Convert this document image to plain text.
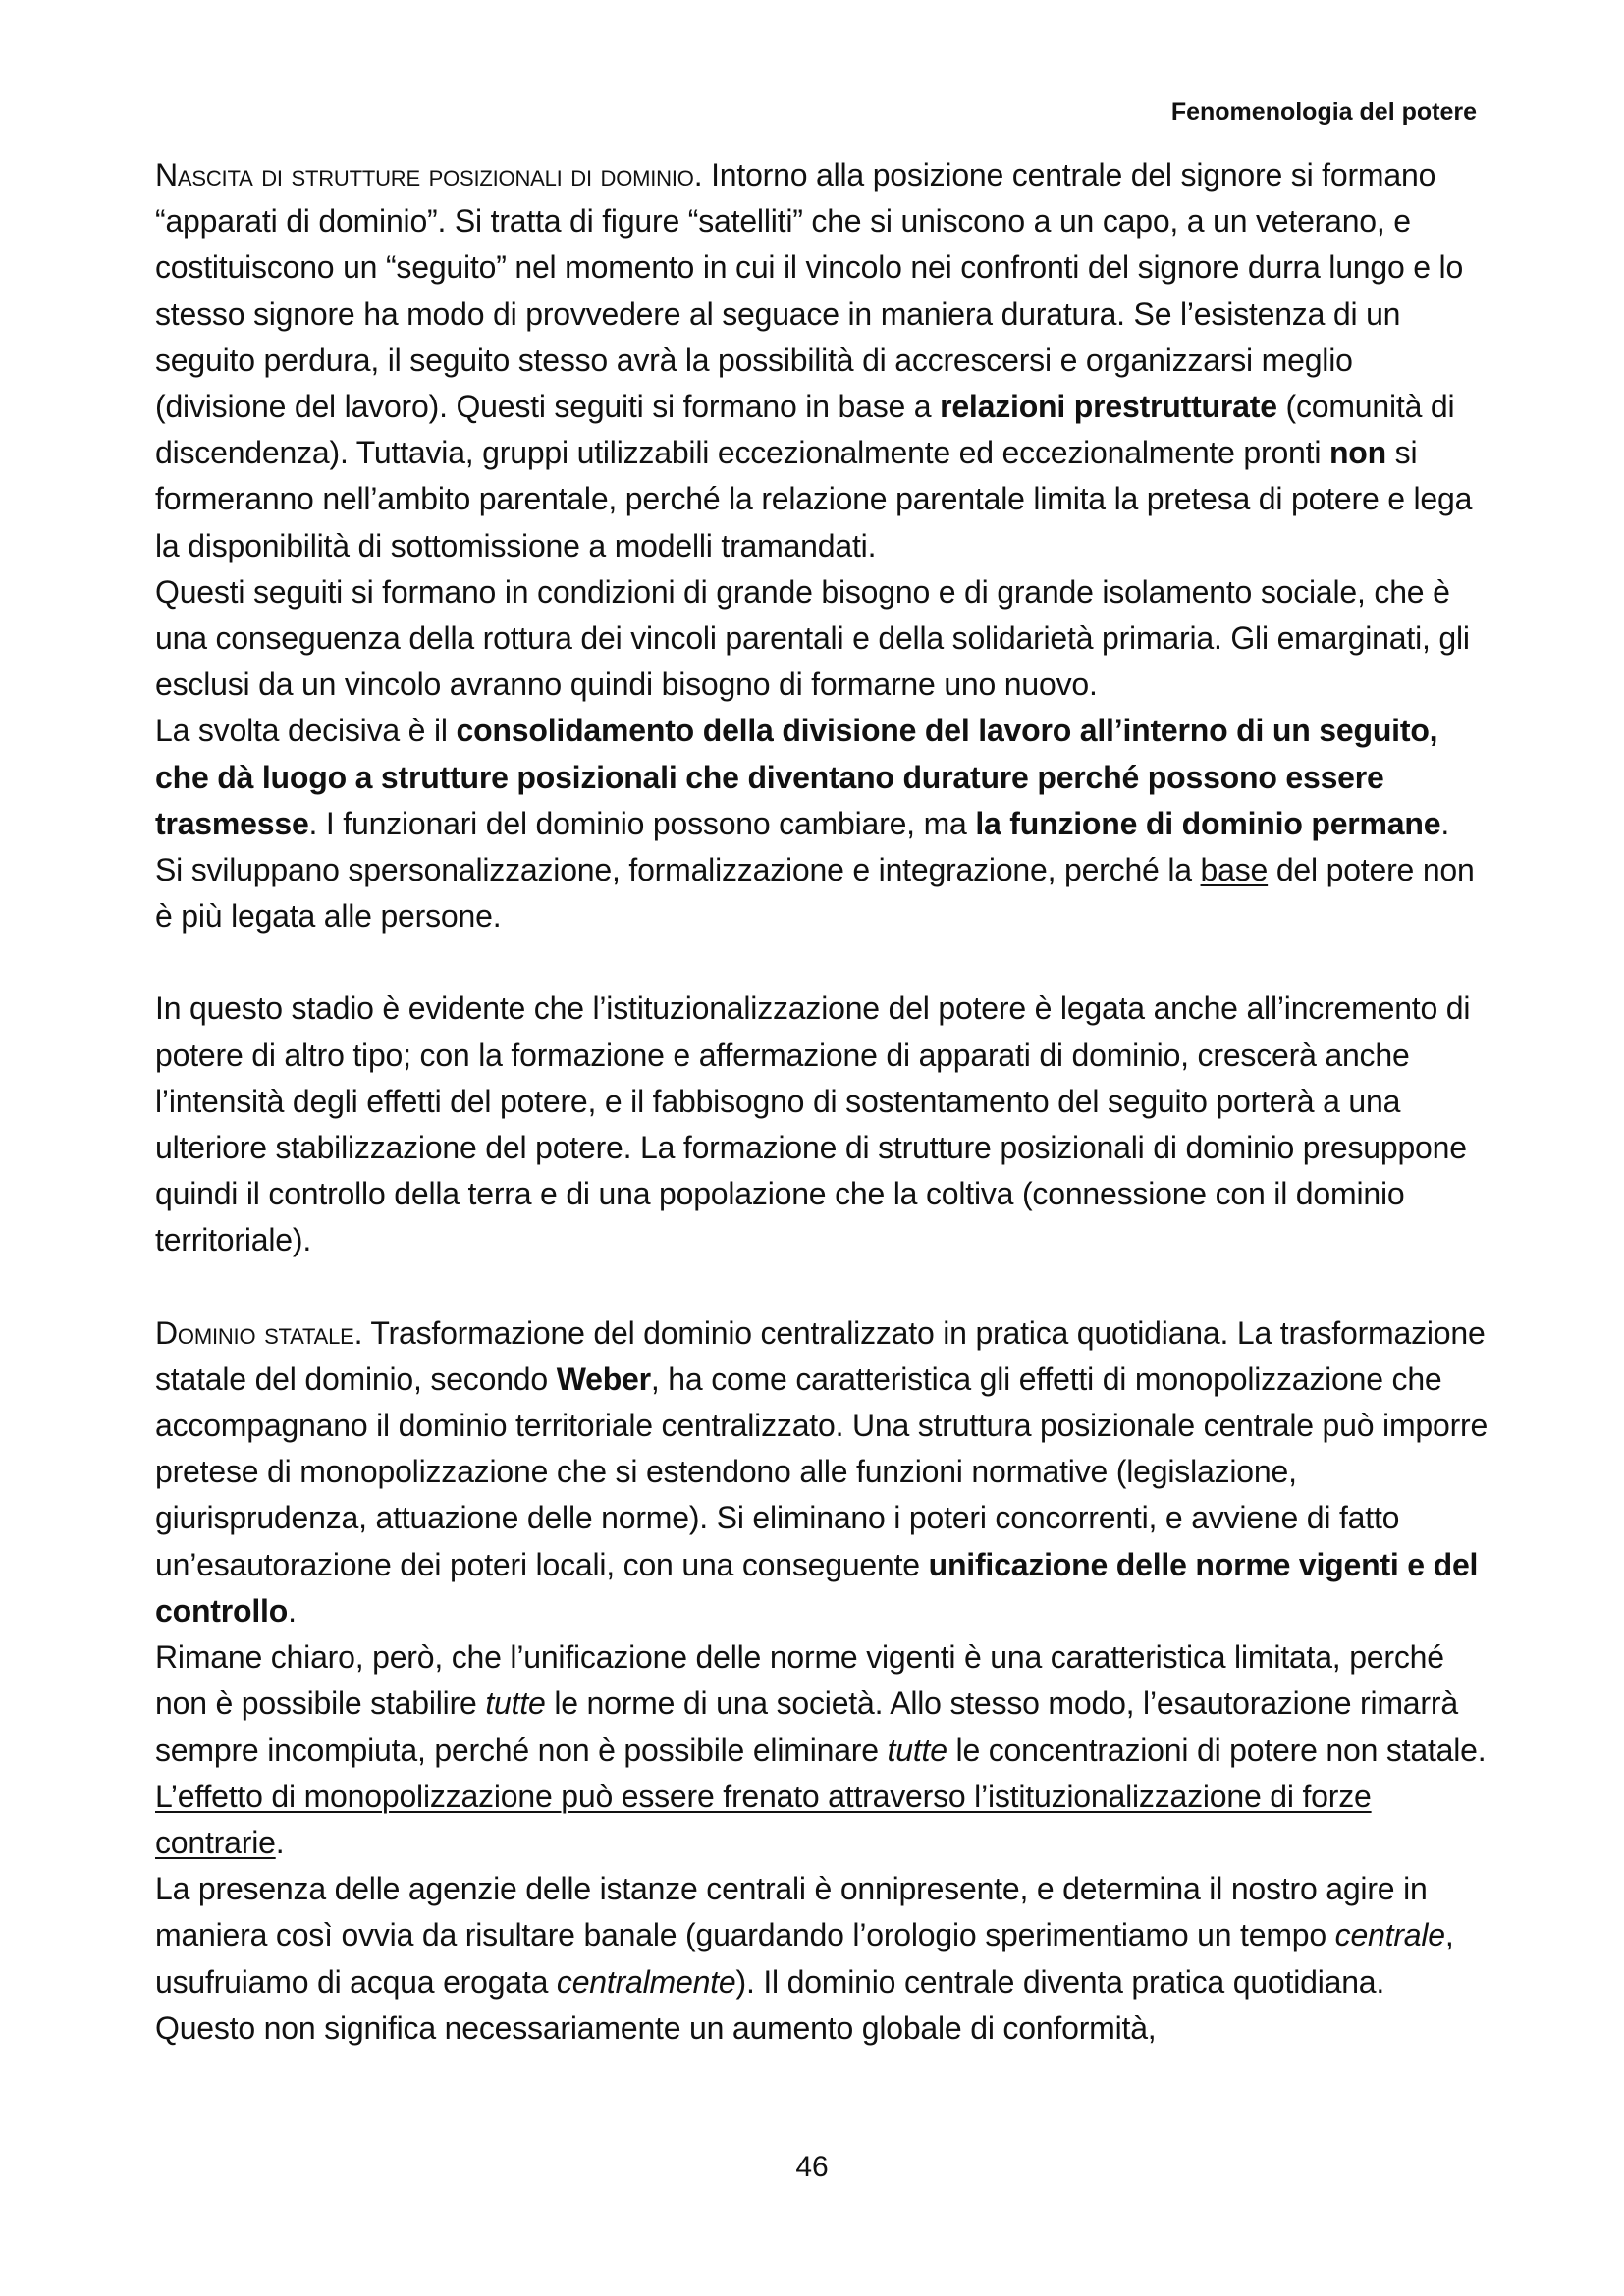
Fenomenologia del potere

Nascita di strutture posizionali di dominio. Intorno alla posizione centrale del signore si formano “apparati di dominio”. Si tratta di figure “satelliti” che si uniscono a un capo, a un veterano, e costituiscono un “seguito” nel momento in cui il vincolo nei confronti del signore durra lungo e lo stesso signore ha modo di provvedere al seguace in maniera duratura. Se l’esistenza di un seguito perdura, il seguito stesso avrà la possibilità di accrescersi e organizzarsi meglio (divisione del lavoro). Questi seguiti si formano in base a relazioni prestrutturate (comunità di discendenza). Tuttavia, gruppi utilizzabili eccezionalmente ed eccezionalmente pronti non si formeranno nell’ambito parentale, perché la relazione parentale limita la pretesa di potere e lega la disponibilità di sottomissione a modelli tramandati.

Questi seguiti si formano in condizioni di grande bisogno e di grande isolamento sociale, che è una conseguenza della rottura dei vincoli parentali e della solidarietà primaria. Gli emarginati, gli esclusi da un vincolo avranno quindi bisogno di formarne uno nuovo.

La svolta decisiva è il consolidamento della divisione del lavoro all’interno di un seguito, che dà luogo a strutture posizionali che diventano durature perché possono essere trasmesse. I funzionari del dominio possono cambiare, ma la funzione di dominio permane.

Si sviluppano spersonalizzazione, formalizzazione e integrazione, perché la base del potere non è più legata alle persone.

In questo stadio è evidente che l’istituzionalizzazione del potere è legata anche all’incremento di potere di altro tipo; con la formazione e affermazione di apparati di dominio, crescerà anche l’intensità degli effetti del potere, e il fabbisogno di sostentamento del seguito porterà a una ulteriore stabilizzazione del potere. La formazione di strutture posizionali di dominio presuppone quindi il controllo della terra e di una popolazione che la coltiva (connessione con il dominio territoriale).

Dominio statale. Trasformazione del dominio centralizzato in pratica quotidiana. La trasformazione statale del dominio, secondo Weber, ha come caratteristica gli effetti di monopolizzazione che accompagnano il dominio territoriale centralizzato. Una struttura posizionale centrale può imporre pretese di monopolizzazione che si estendono alle funzioni normative (legislazione, giurisprudenza, attuazione delle norme). Si eliminano i poteri concorrenti, e avviene di fatto un’esautorazione dei poteri locali, con una conseguente unificazione delle norme vigenti e del controllo.

Rimane chiaro, però, che l’unificazione delle norme vigenti è una caratteristica limitata, perché non è possibile stabilire tutte le norme di una società. Allo stesso modo, l’esautorazione rimarrà sempre incompiuta, perché non è possibile eliminare tutte le concentrazioni di potere non statale. L’effetto di monopolizzazione può essere frenato attraverso l’istituzionalizzazione di forze contrarie.

La presenza delle agenzie delle istanze centrali è onnipresente, e determina il nostro agire in maniera così ovvia da risultare banale (guardando l’orologio sperimentiamo un tempo centrale, usufruiamo di acqua erogata centralmente). Il dominio centrale diventa pratica quotidiana. Questo non significa necessariamente un aumento globale di conformità,

46
